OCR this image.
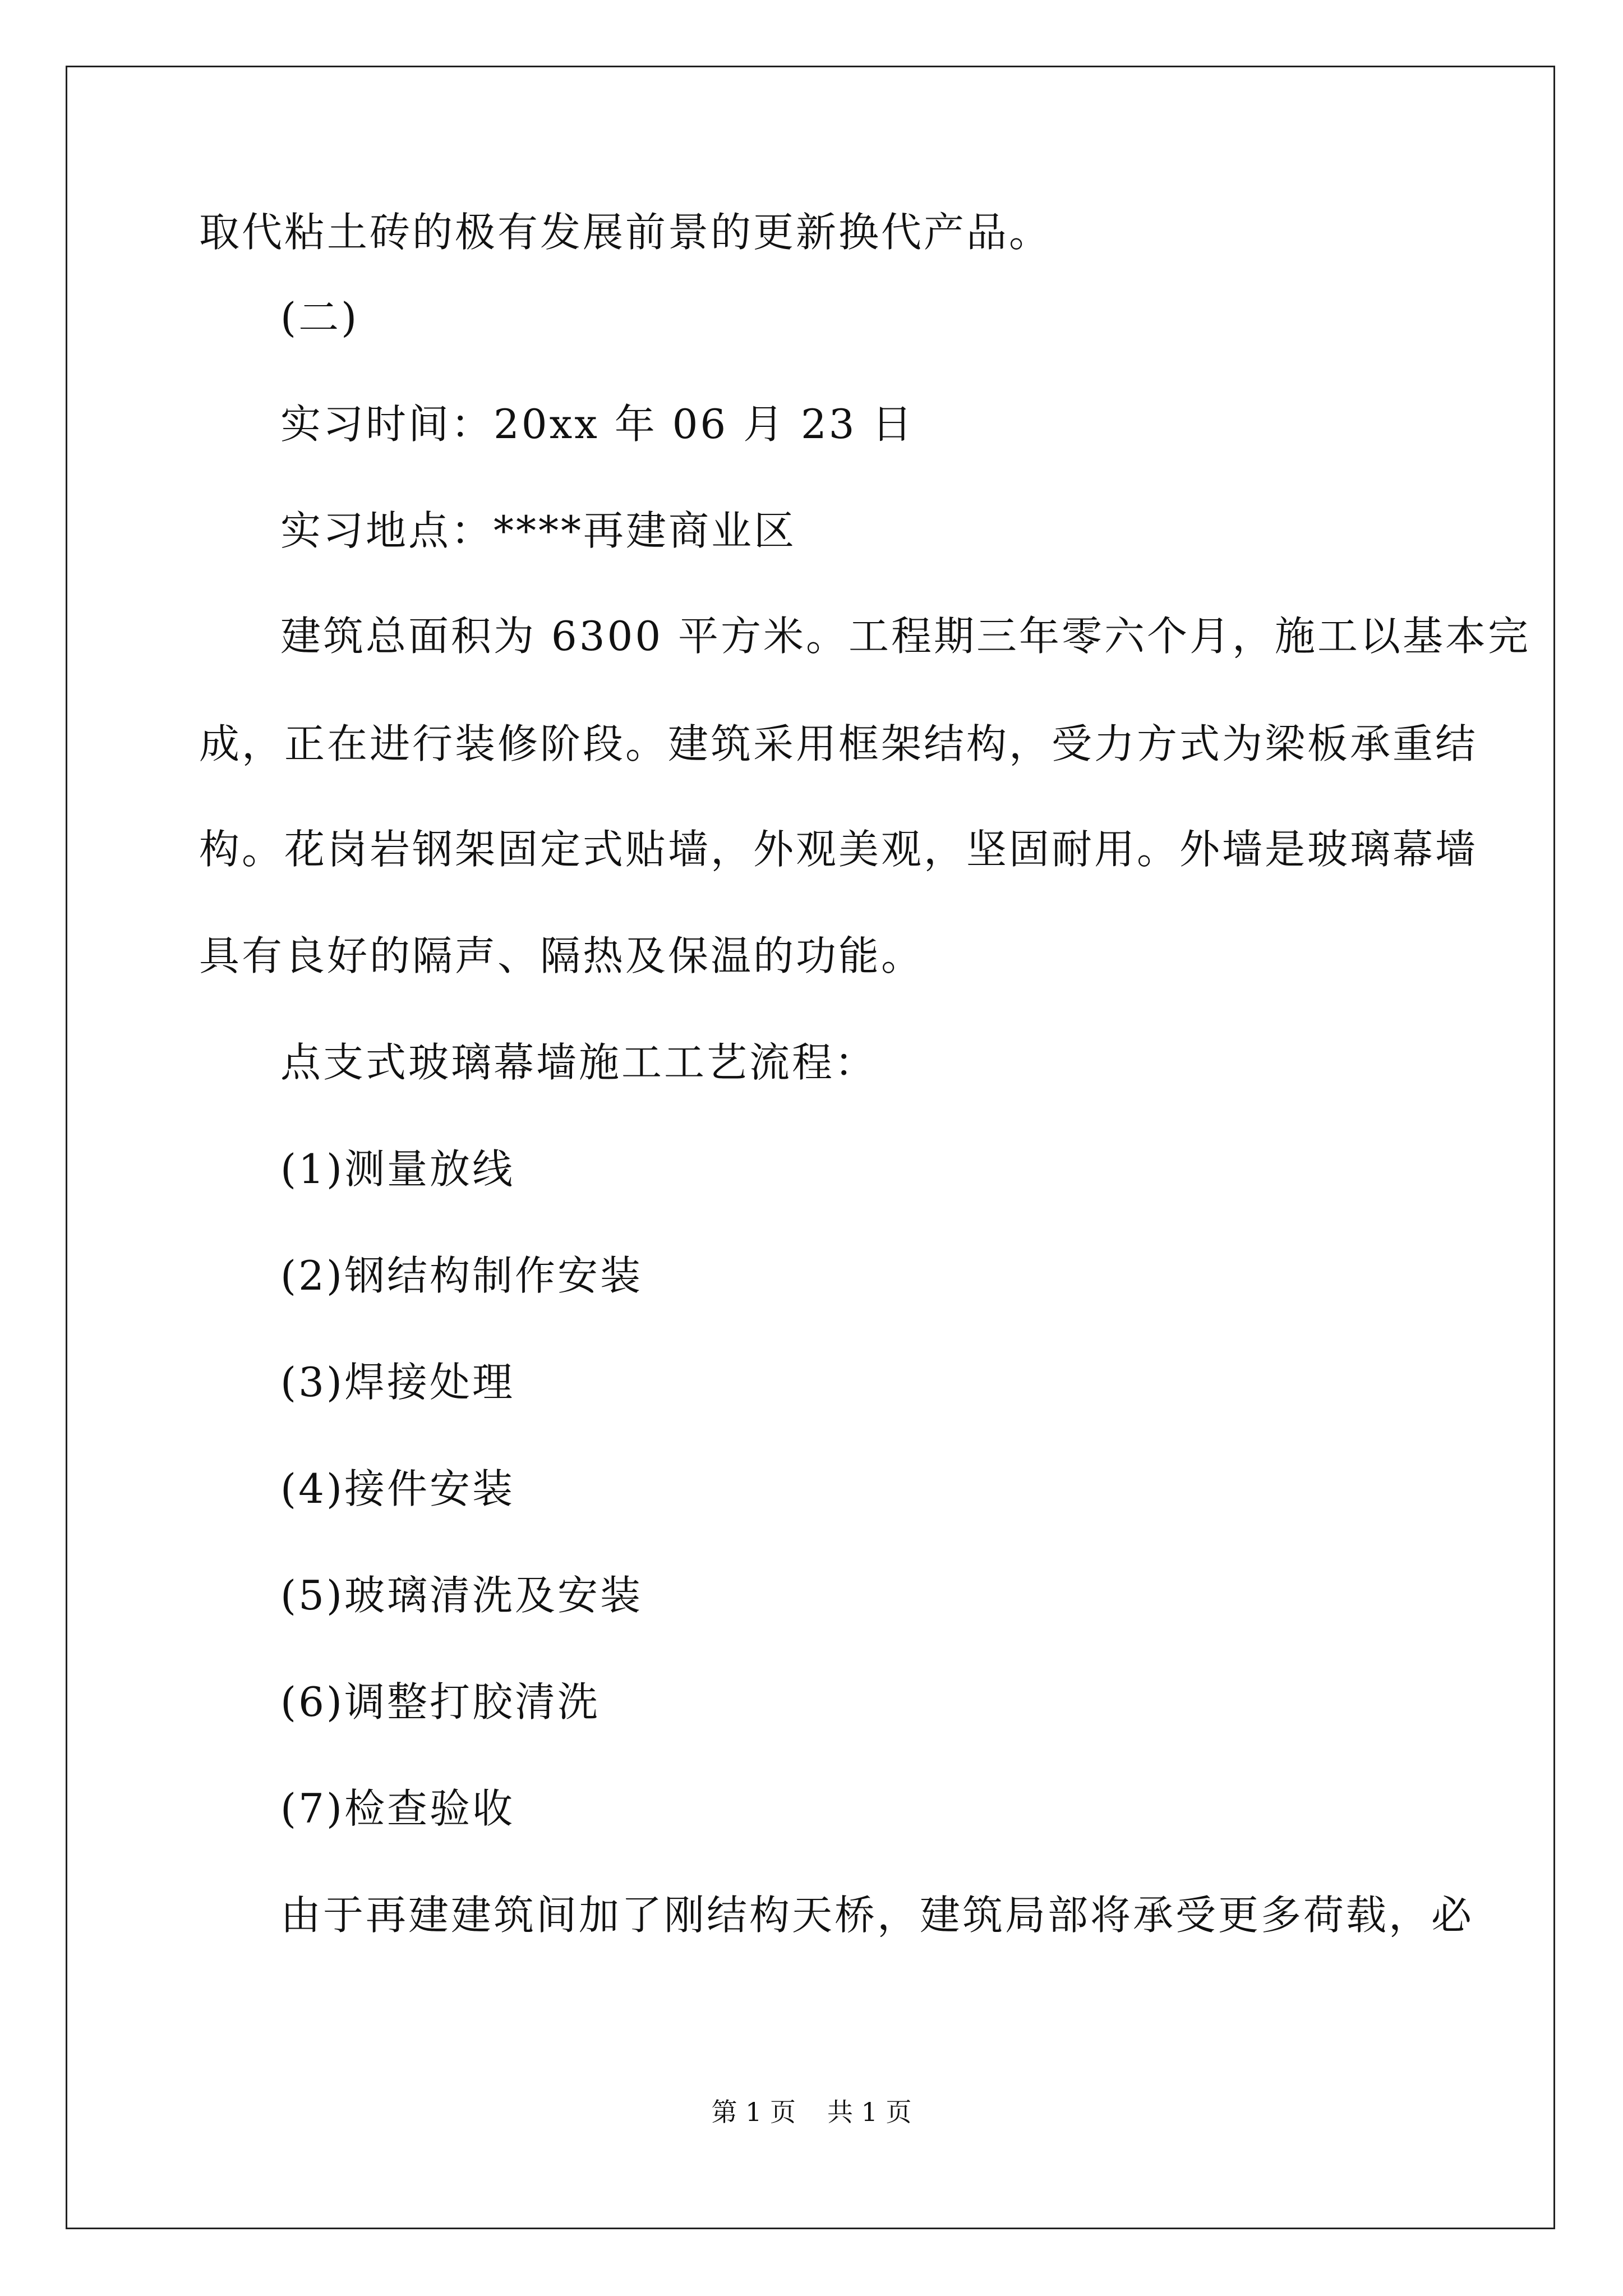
取代粘土砖的极有发展前景的更新换代产品。
(二)
实习时间：20xx 年 06 月 23 日
实习地点：****再建商业区
建筑总面积为 6300 平方米。工程期三年零六个月，施工以基本完
成，正在进行装修阶段。建筑采用框架结构，受力方式为梁板承重结
构。花岗岩钢架固定式贴墙，外观美观，坚固耐用。外墙是玻璃幕墙
具有良好的隔声、隔热及保温的功能。
点支式玻璃幕墙施工工艺流程：
(1)测量放线
(2)钢结构制作安装
(3)焊接处理
(4)接件安装
(5)玻璃清洗及安装
(6)调整打胶清洗
(7)检查验收
由于再建建筑间加了刚结构天桥，建筑局部将承受更多荷载，必
第 1 页 共 1 页
